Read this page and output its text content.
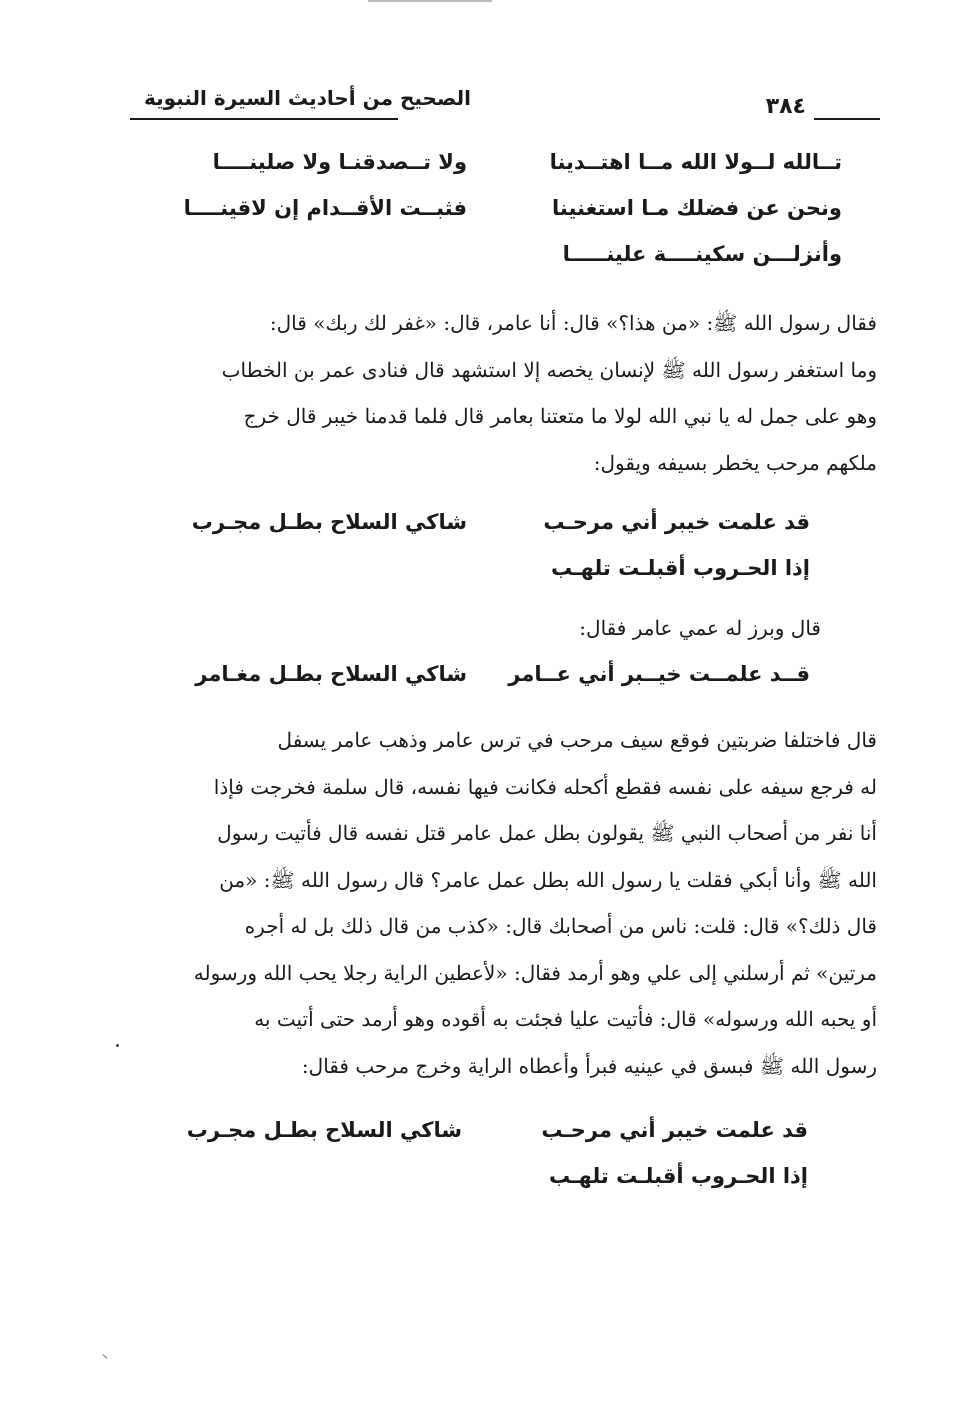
٣٨٤
الصحيح من أحاديث السيرة النبوية
تــالله لــولا الله مــا اهتــدينا
ولا تــصدقنـا ولا صلينــــا
ونحن عن فضلك مـا استغنينا
فثبــت الأقــدام إن لاقينــــا
وأنزلـــن سكينــــة علينـــــا
فقال رسول الله ﷺ: «من هذا؟» قال: أنا عامر، قال: «غفر لك ربك» قال:
وما استغفر رسول الله ﷺ لإنسان يخصه إلا استشهد قال فنادى عمر بن الخطاب
وهو على جمل له يا نبي الله لولا ما متعتنا بعامر قال فلما قدمنا خيبر قال خرج
ملكهم مرحب يخطر بسيفه ويقول:
قد علمت خيبر أني مرحـب
شاكي السلاح بطـل مجـرب
إذا الحـروب أقبلـت تلهـب
قال وبرز له عمي عامر فقال:
قــد علمــت خيــبر أني عــامر
شاكي السلاح بطـل مغـامر
قال فاختلفا ضربتين فوقع سيف مرحب في ترس عامر وذهب عامر يسفل
له فرجع سيفه على نفسه فقطع أكحله فكانت فيها نفسه، قال سلمة فخرجت فإذا
أنا نفر من أصحاب النبي ﷺ يقولون بطل عمل عامر قتل نفسه قال فأتيت رسول
الله ﷺ وأنا أبكي فقلت يا رسول الله بطل عمل عامر؟ قال رسول الله ﷺ: «من
قال ذلك؟» قال: قلت: ناس من أصحابك قال: «كذب من قال ذلك بل له أجره
مرتين» ثم أرسلني إلى علي وهو أرمد فقال: «لأعطين الراية رجلا يحب الله ورسوله
أو يحبه الله ورسوله» قال: فأتيت عليا فجئت به أقوده وهو أرمد حتى أتيت به
رسول الله ﷺ فبسق في عينيه فبرأ وأعطاه الراية وخرج مرحب فقال:
قد علمت خيبر أني مرحـب
شاكي السلاح بطـل مجـرب
إذا الحـروب أقبلـت تلهـب
